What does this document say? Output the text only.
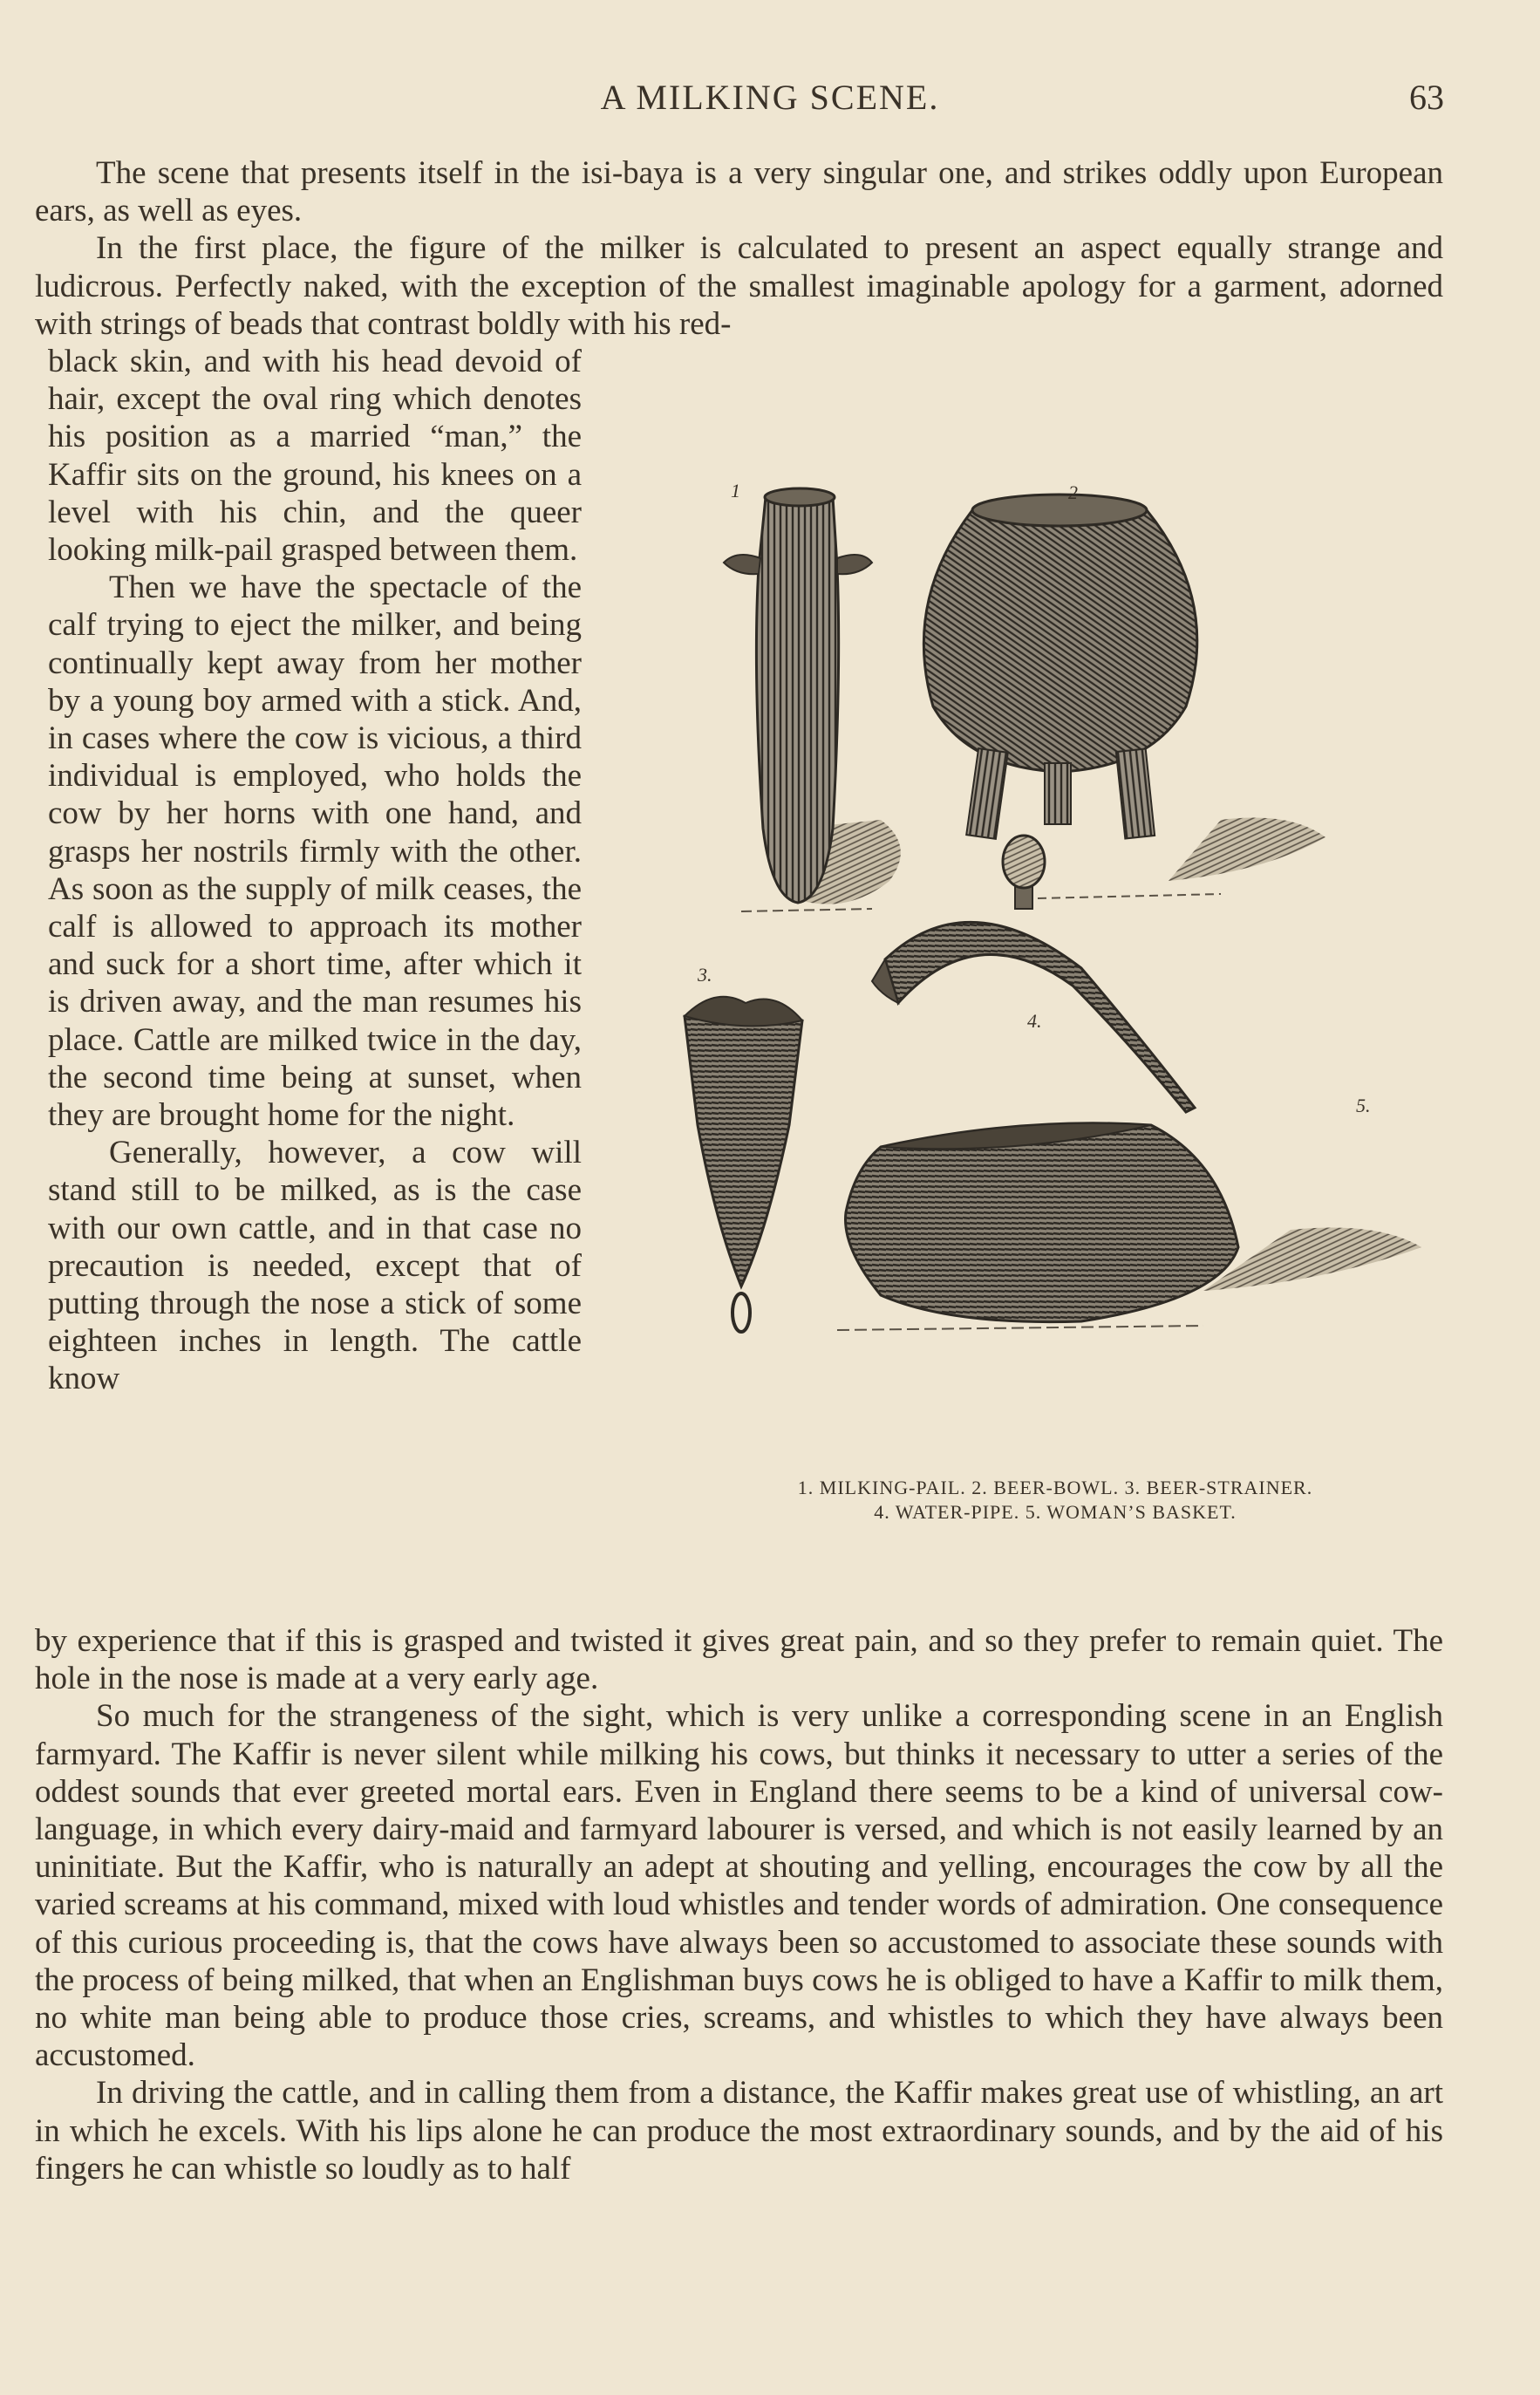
A MILKING SCENE.	63

The scene that presents itself in the isi-baya is a very singular one, and strikes oddly upon European ears, as well as eyes.

In the first place, the figure of the milker is calculated to present an aspect equally strange and ludicrous. Perfectly naked, with the exception of the smallest imaginable apology for a garment, adorned with strings of beads that contrast boldly with his red-

black skin, and with his head devoid of hair, except the oval ring which denotes his position as a married “man,” the Kaffir sits on the ground, his knees on a level with his chin, and the queer looking milk-pail grasped between them.

Then we have the spectacle of the calf trying to eject the milker, and being continually kept away from her mother by a young boy armed with a stick. And, in cases where the cow is vicious, a third individual is employed, who holds the cow by her horns with one hand, and grasps her nostrils firmly with the other. As soon as the supply of milk ceases, the calf is allowed to approach its mother and suck for a short time, after which it is driven away, and the man resumes his place. Cattle are milked twice in the day, the second time being at sunset, when they are brought home for the night.

Generally, however, a cow will stand still to be milked, as is the case with our own cattle, and in that case no precaution is needed, except that of putting through the nose a stick of some eighteen inches in length. The cattle know

1	2
3.
4.
5.
1. MILKING-PAIL. 2. BEER-BOWL. 3. BEER-STRAINER.
4. WATER-PIPE. 5. WOMAN’S BASKET.

by experience that if this is grasped and twisted it gives great pain, and so they prefer to remain quiet. The hole in the nose is made at a very early age.

So much for the strangeness of the sight, which is very unlike a corresponding scene in an English farmyard. The Kaffir is never silent while milking his cows, but thinks it necessary to utter a series of the oddest sounds that ever greeted mortal ears. Even in England there seems to be a kind of universal cow-language, in which every dairy-maid and farmyard labourer is versed, and which is not easily learned by an uninitiate. But the Kaffir, who is naturally an adept at shouting and yelling, encourages the cow by all the varied screams at his command, mixed with loud whistles and tender words of admiration. One consequence of this curious proceeding is, that the cows have always been so accustomed to associate these sounds with the process of being milked, that when an Englishman buys cows he is obliged to have a Kaffir to milk them, no white man being able to produce those cries, screams, and whistles to which they have always been accustomed.

In driving the cattle, and in calling them from a distance, the Kaffir makes great use of whistling, an art in which he excels. With his lips alone he can produce the most extraordinary sounds, and by the aid of his fingers he can whistle so loudly as to half
